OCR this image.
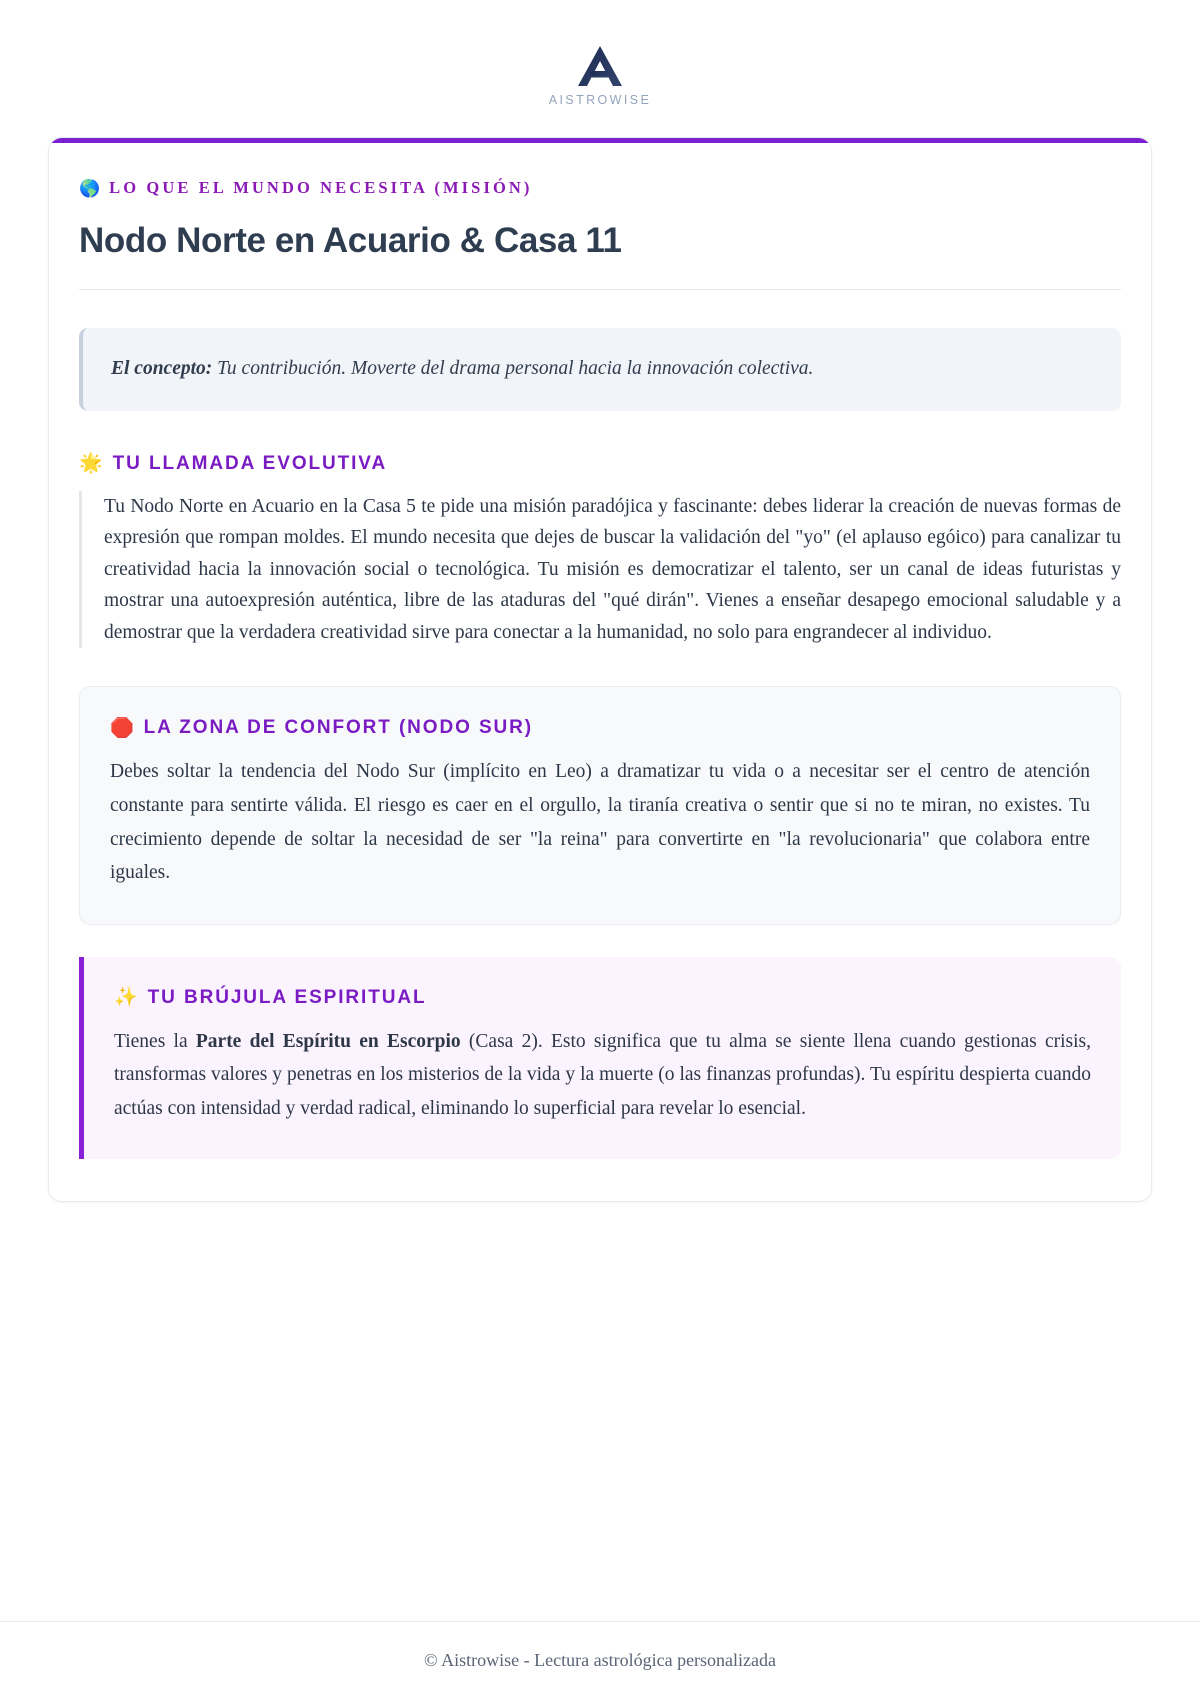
AISTROWISE
🌎 LO QUE EL MUNDO NECESITA (MISIÓN)
Nodo Norte en Acuario & Casa 11

El concepto: Tu contribución. Moverte del drama personal hacia la innovación colectiva.

🌟 TU LLAMADA EVOLUTIVA

Tu Nodo Norte en Acuario en la Casa 5 te pide una misión paradójica y fascinante: debes liderar la creación de nuevas formas de expresión que rompan moldes. El mundo necesita que dejes de buscar la validación del "yo" (el aplauso egóico) para canalizar tu creatividad hacia la innovación social o tecnológica. Tu misión es democratizar el talento, ser un canal de ideas futuristas y mostrar una autoexpresión auténtica, libre de las ataduras del "qué dirán". Vienes a enseñar desapego emocional saludable y a demostrar que la verdadera creatividad sirve para conectar a la humanidad, no solo para engrandecer al individuo.

🛑 LA ZONA DE CONFORT (NODO SUR)

Debes soltar la tendencia del Nodo Sur (implícito en Leo) a dramatizar tu vida o a necesitar ser el centro de atención constante para sentirte válida. El riesgo es caer en el orgullo, la tiranía creativa o sentir que si no te miran, no existes. Tu crecimiento depende de soltar la necesidad de ser "la reina" para convertirte en "la revolucionaria" que colabora entre iguales.

✨ TU BRÚJULA ESPIRITUAL

Tienes la Parte del Espíritu en Escorpio (Casa 2). Esto significa que tu alma se siente llena cuando gestionas crisis, transformas valores y penetras en los misterios de la vida y la muerte (o las finanzas profundas). Tu espíritu despierta cuando actúas con intensidad y verdad radical, eliminando lo superficial para revelar lo esencial.

© Aistrowise - Lectura astrológica personalizada
